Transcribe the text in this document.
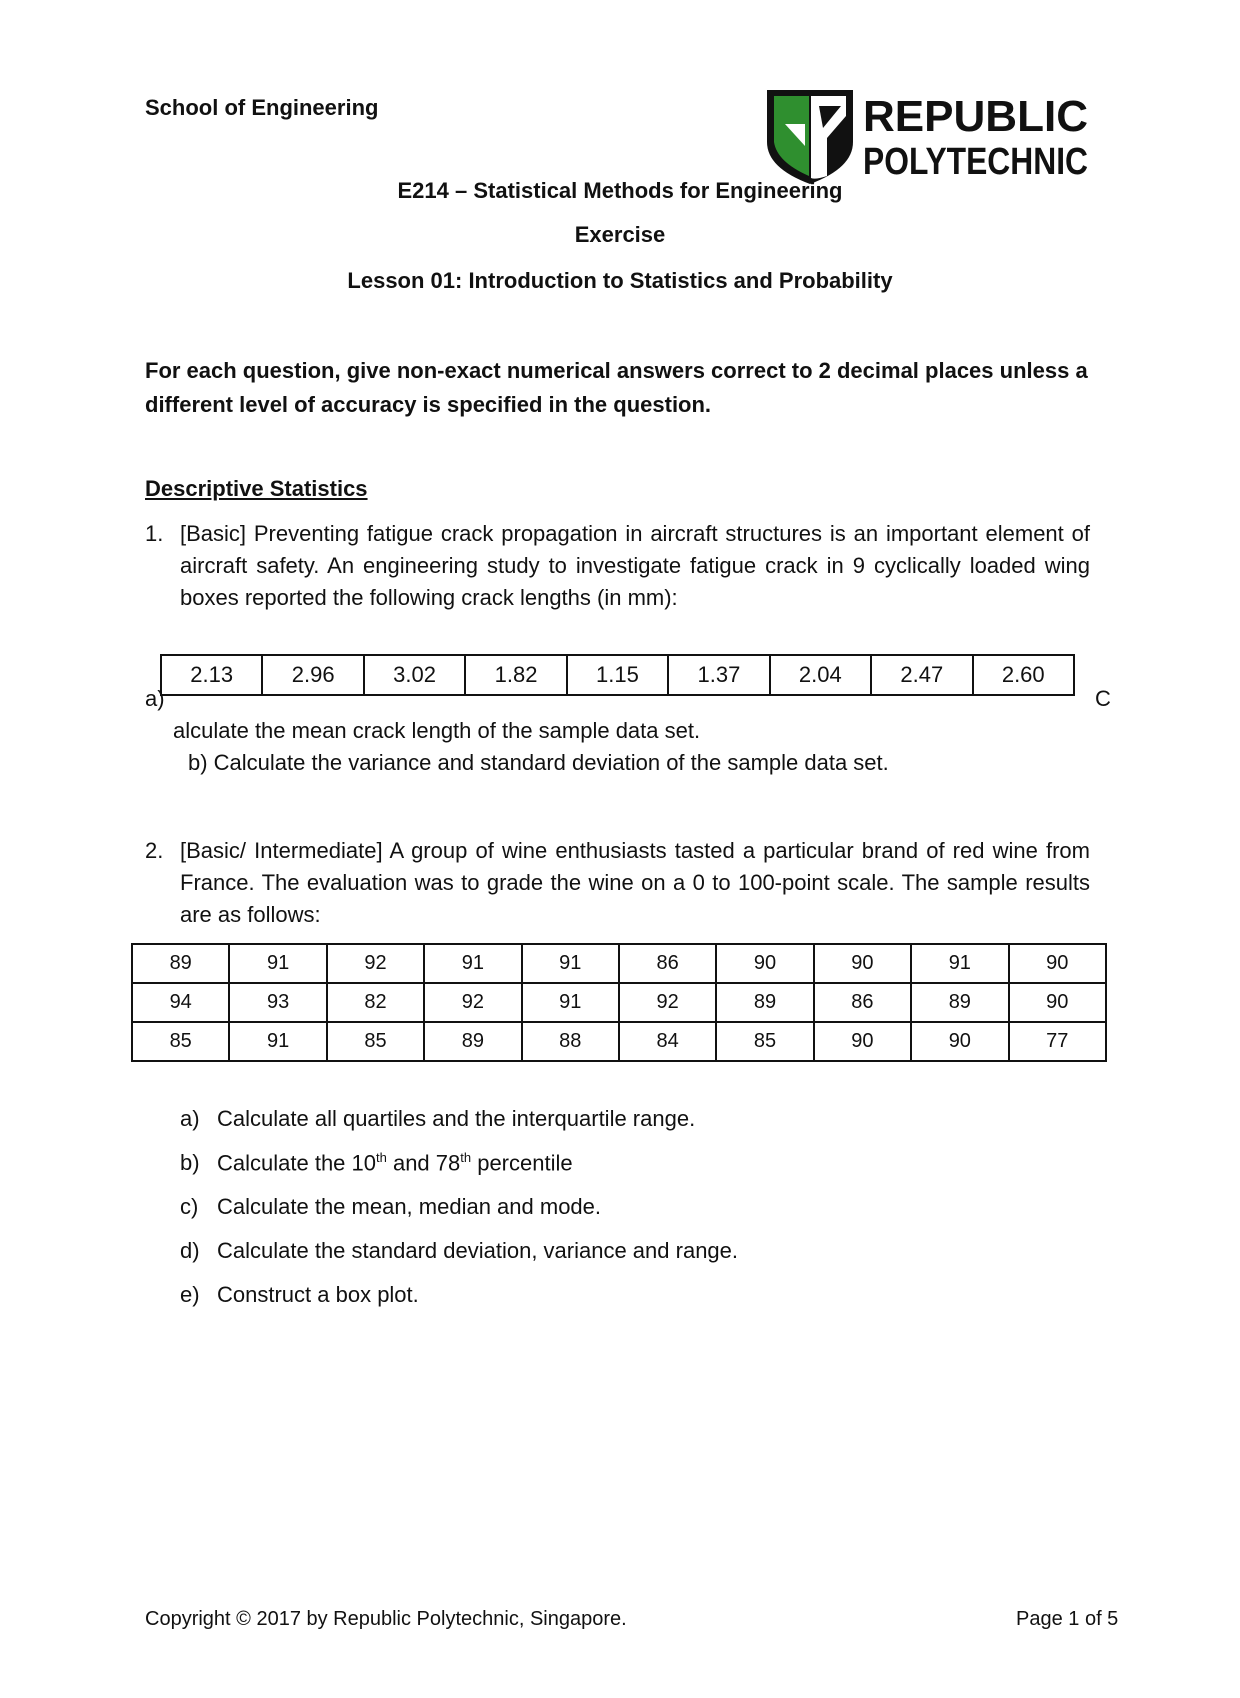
School of Engineering	REPUBLIC
POLYTECHNIC
E214 – Statistical Methods for Engineering
Exercise
Lesson 01: Introduction to Statistics and Probability
For each question, give non-exact numerical answers correct to 2 decimal places unless a different level of accuracy is specified in the question.
Descriptive Statistics
1. [Basic] Preventing fatigue crack propagation in aircraft structures is an important element of aircraft safety. An engineering study to investigate fatigue crack in 9 cyclically loaded wing boxes reported the following crack lengths (in mm):
2.13	2.96	3.02	1.82	1.15	1.37	2.04	2.47	2.60
a)	C
alculate the mean crack length of the sample data set.
b) Calculate the variance and standard deviation of the sample data set.
2. [Basic/ Intermediate] A group of wine enthusiasts tasted a particular brand of red wine from France. The evaluation was to grade the wine on a 0 to 100-point scale. The sample results are as follows:
89	91	92	91	91	86	90	90	91	90
94	93	82	92	91	92	89	86	89	90
85	91	85	89	88	84	85	90	90	77
a) Calculate all quartiles and the interquartile range.
b) Calculate the 10th and 78th percentile
c) Calculate the mean, median and mode.
d) Calculate the standard deviation, variance and range.
e) Construct a box plot.
Copyright © 2017 by Republic Polytechnic, Singapore.	Page 1 of 5
